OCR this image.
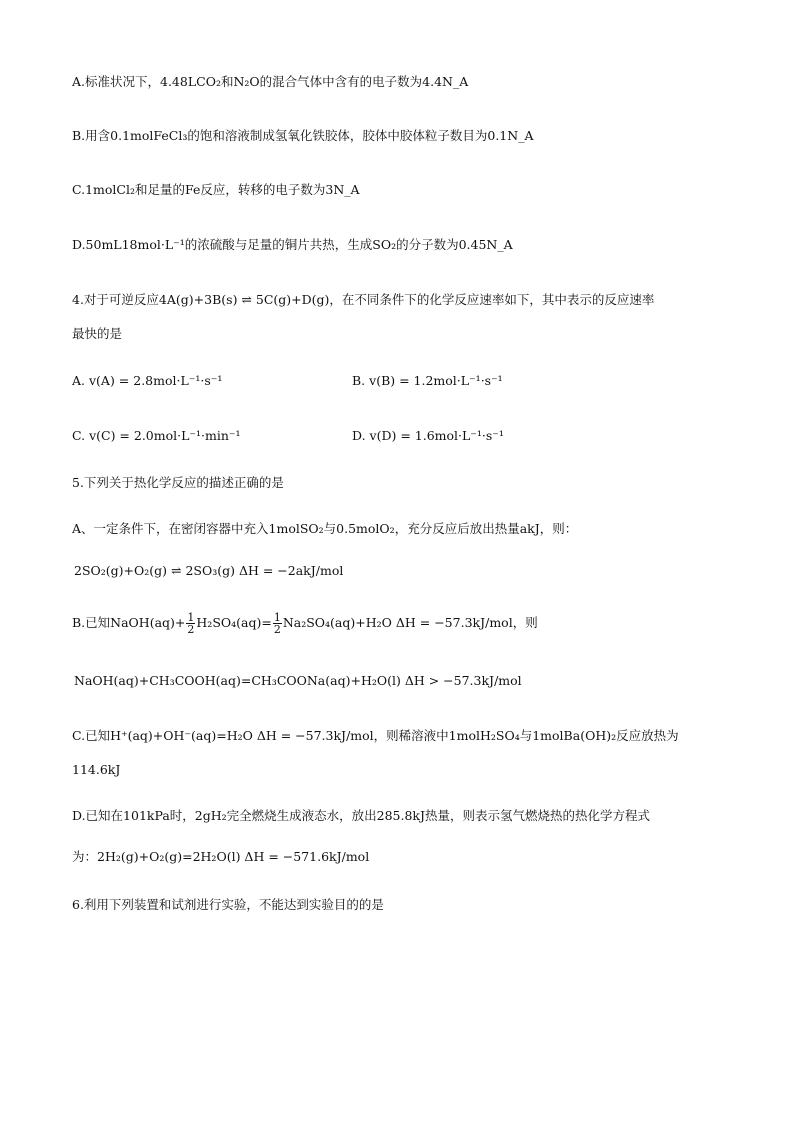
A.标准状况下，4.48LCO₂和N₂O的混合气体中含有的电子数为4.4N_A
B.用含0.1molFeCl₃的饱和溶液制成氢氧化铁胶体，胶体中胶体粒子数目为0.1N_A
C.1molCl₂和足量的Fe反应，转移的电子数为3N_A
D.50mL18mol·L⁻¹的浓硫酸与足量的铜片共热，生成SO₂的分子数为0.45N_A
4.对于可逆反应4A(g)+3B(s) ⇌ 5C(g)+D(g)，在不同条件下的化学反应速率如下，其中表示的反应速率
最快的是
A. v(A) = 2.8mol·L⁻¹·s⁻¹	B. v(B) = 1.2mol·L⁻¹·s⁻¹
C. v(C) = 2.0mol·L⁻¹·min⁻¹	D. v(D) = 1.6mol·L⁻¹·s⁻¹
5.下列关于热化学反应的描述正确的是
A、一定条件下，在密闭容器中充入1molSO₂与0.5molO₂，充分反应后放出热量akJ，则：
2SO₂(g)+O₂(g) ⇌ 2SO₃(g) ΔH = −2akJ/mol
B.已知NaOH(aq)+ $\frac{1}{2} H_2SO_4(aq)= \frac{1}{2} Na_2SO_4(aq)+H_2O$ ΔH = −57.3kJ/mol，则
NaOH(aq)+CH₃COOH(aq)=CH₃COONa(aq)+H₂O(l) ΔH > −57.3kJ/mol
C.已知H⁺(aq)+OH⁻(aq)=H₂O ΔH = −57.3kJ/mol，则稀溶液中1molH₂SO₄与1molBa(OH)₂反应放热为
114.6kJ
D.已知在101kPa时，2gH₂完全燃烧生成液态水，放出285.8kJ热量，则表示氢气燃烧热的热化学方程式
为：2H₂(g)+O₂(g)=2H₂O(l) ΔH = −571.6kJ/mol
6.利用下列装置和试剂进行实验，不能达到实验目的的是
